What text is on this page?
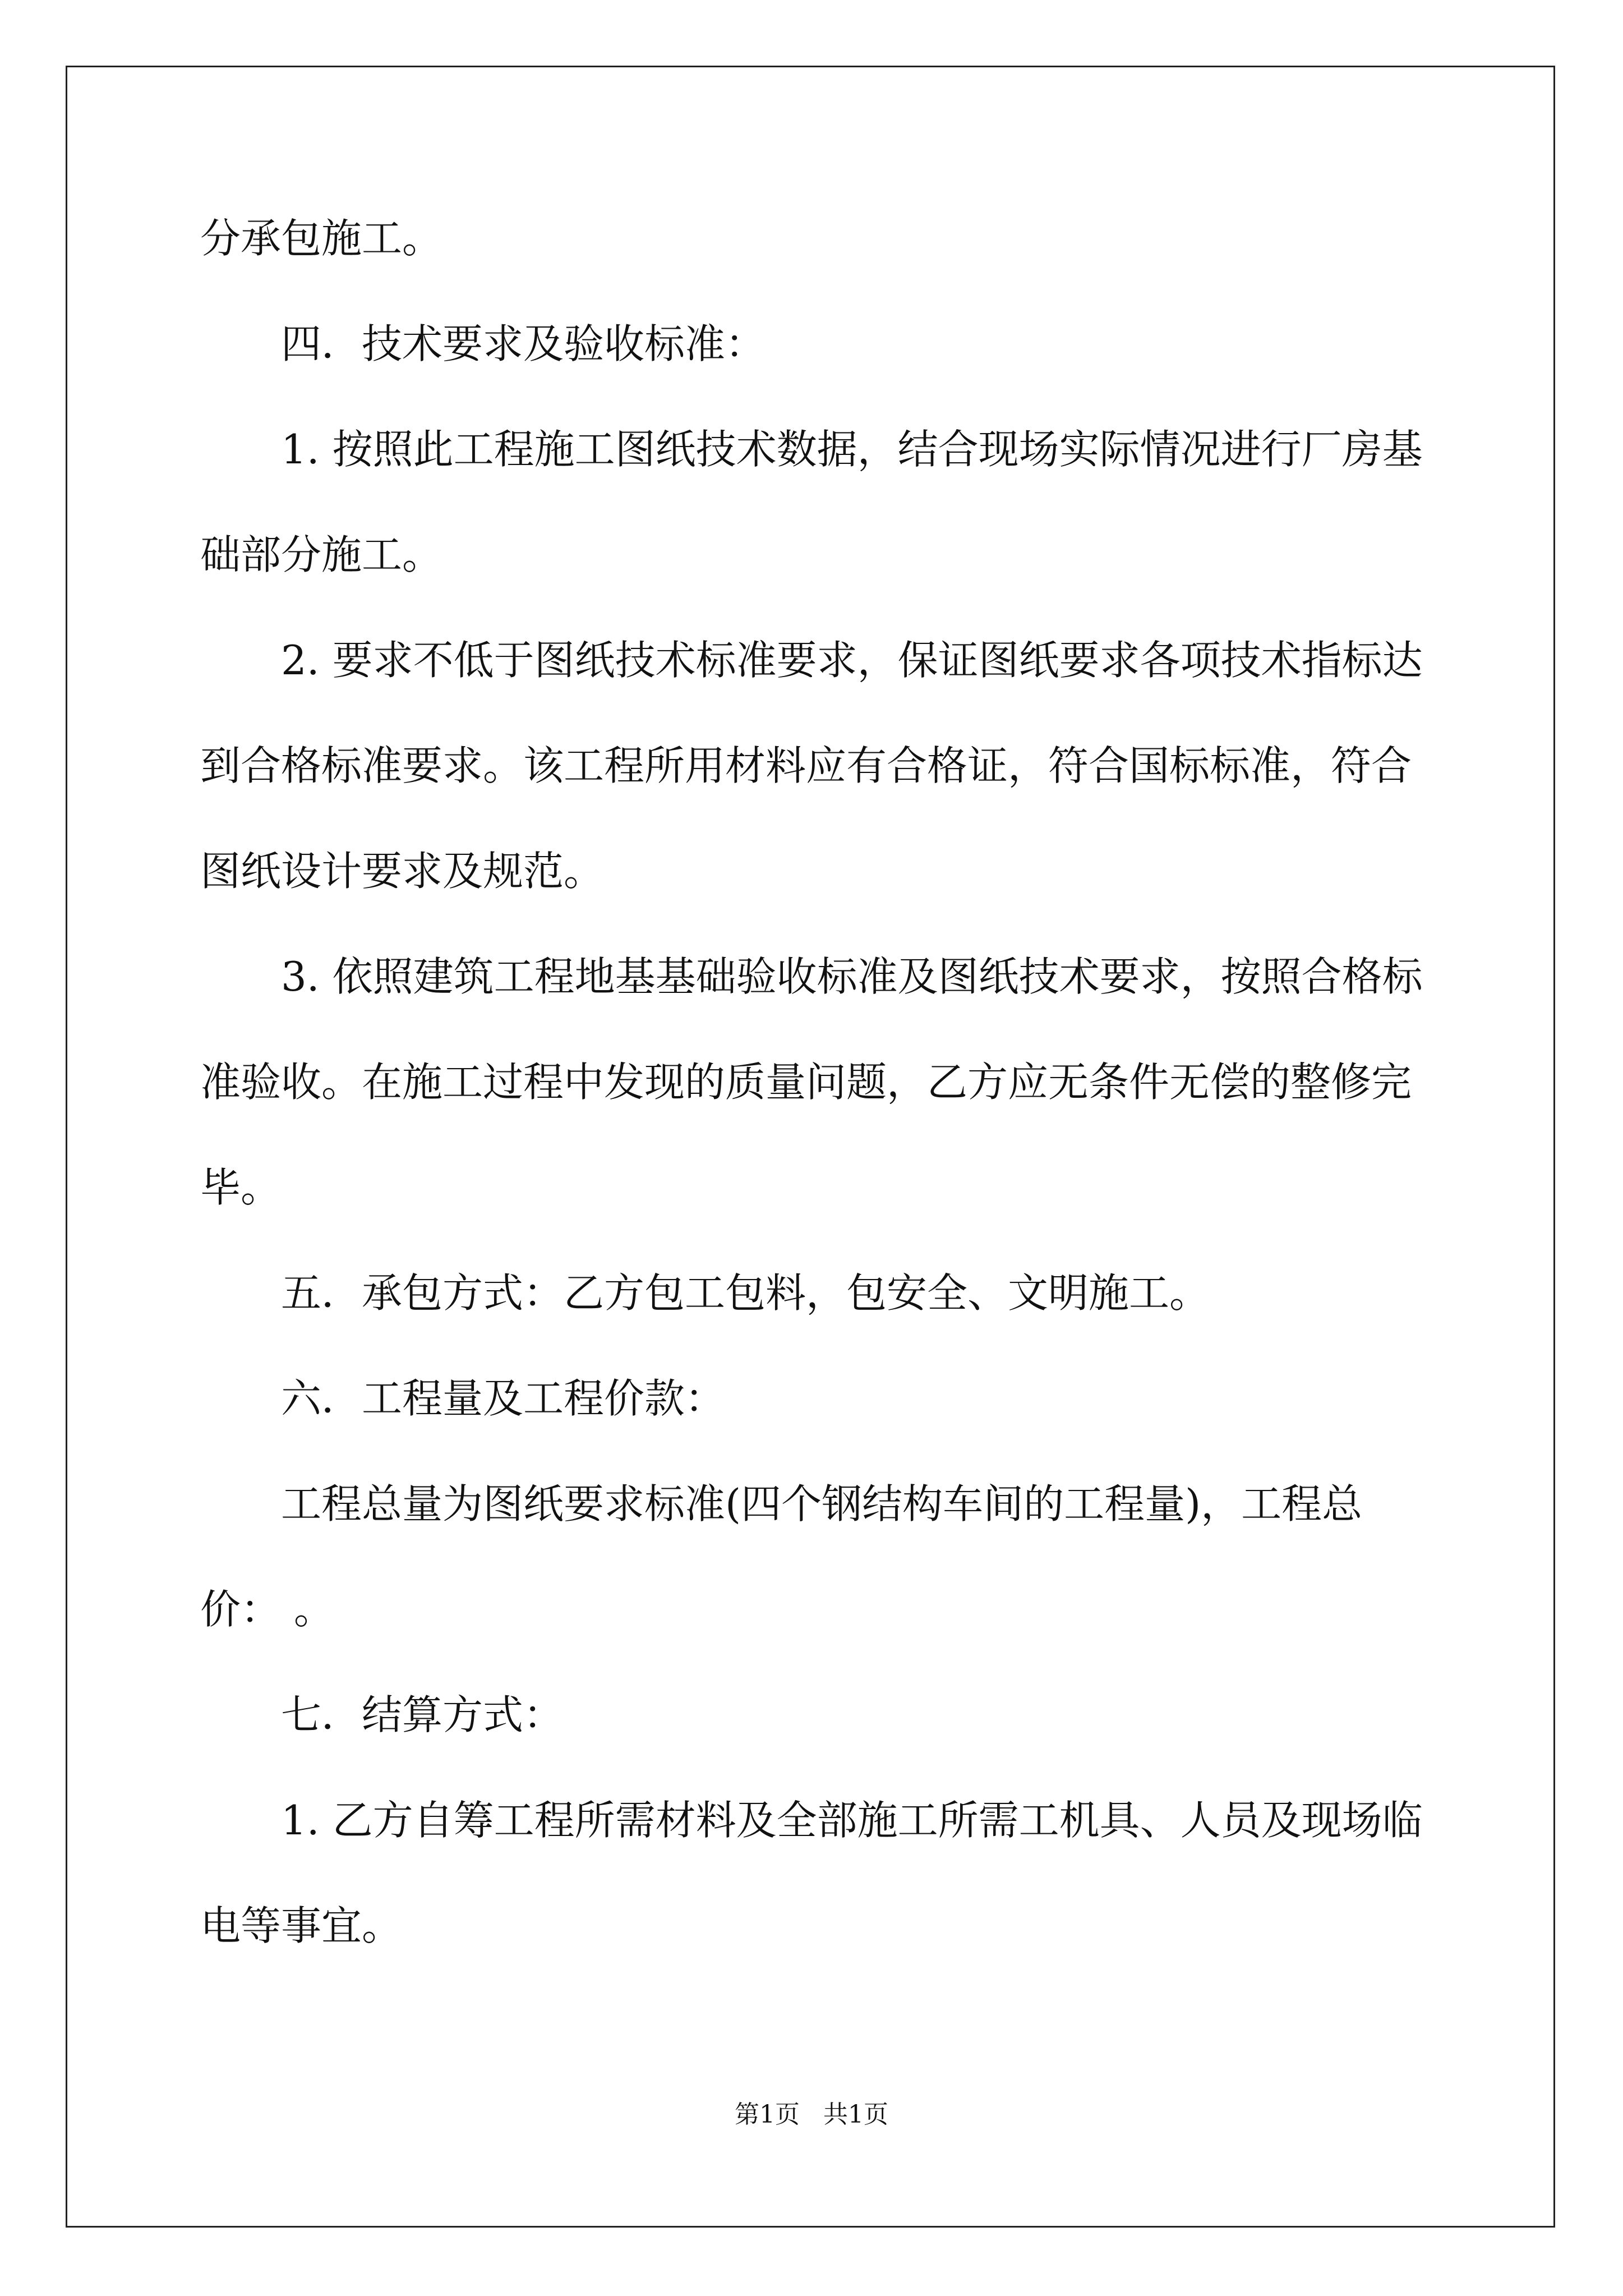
分承包施工。
四．技术要求及验收标准：
1. 按照此工程施工图纸技术数据，结合现场实际情况进行厂房基
础部分施工。
2. 要求不低于图纸技术标准要求，保证图纸要求各项技术指标达
到合格标准要求。该工程所用材料应有合格证，符合国标标准，符合
图纸设计要求及规范。
3. 依照建筑工程地基基础验收标准及图纸技术要求，按照合格标
准验收。在施工过程中发现的质量问题，乙方应无条件无偿的整修完
毕。
五．承包方式：乙方包工包料，包安全、文明施工。
六．工程量及工程价款：
工程总量为图纸要求标准(四个钢结构车间的工程量)，工程总
价： 。
七．结算方式：
1. 乙方自筹工程所需材料及全部施工所需工机具、人员及现场临
电等事宜。
第1页   共1页
